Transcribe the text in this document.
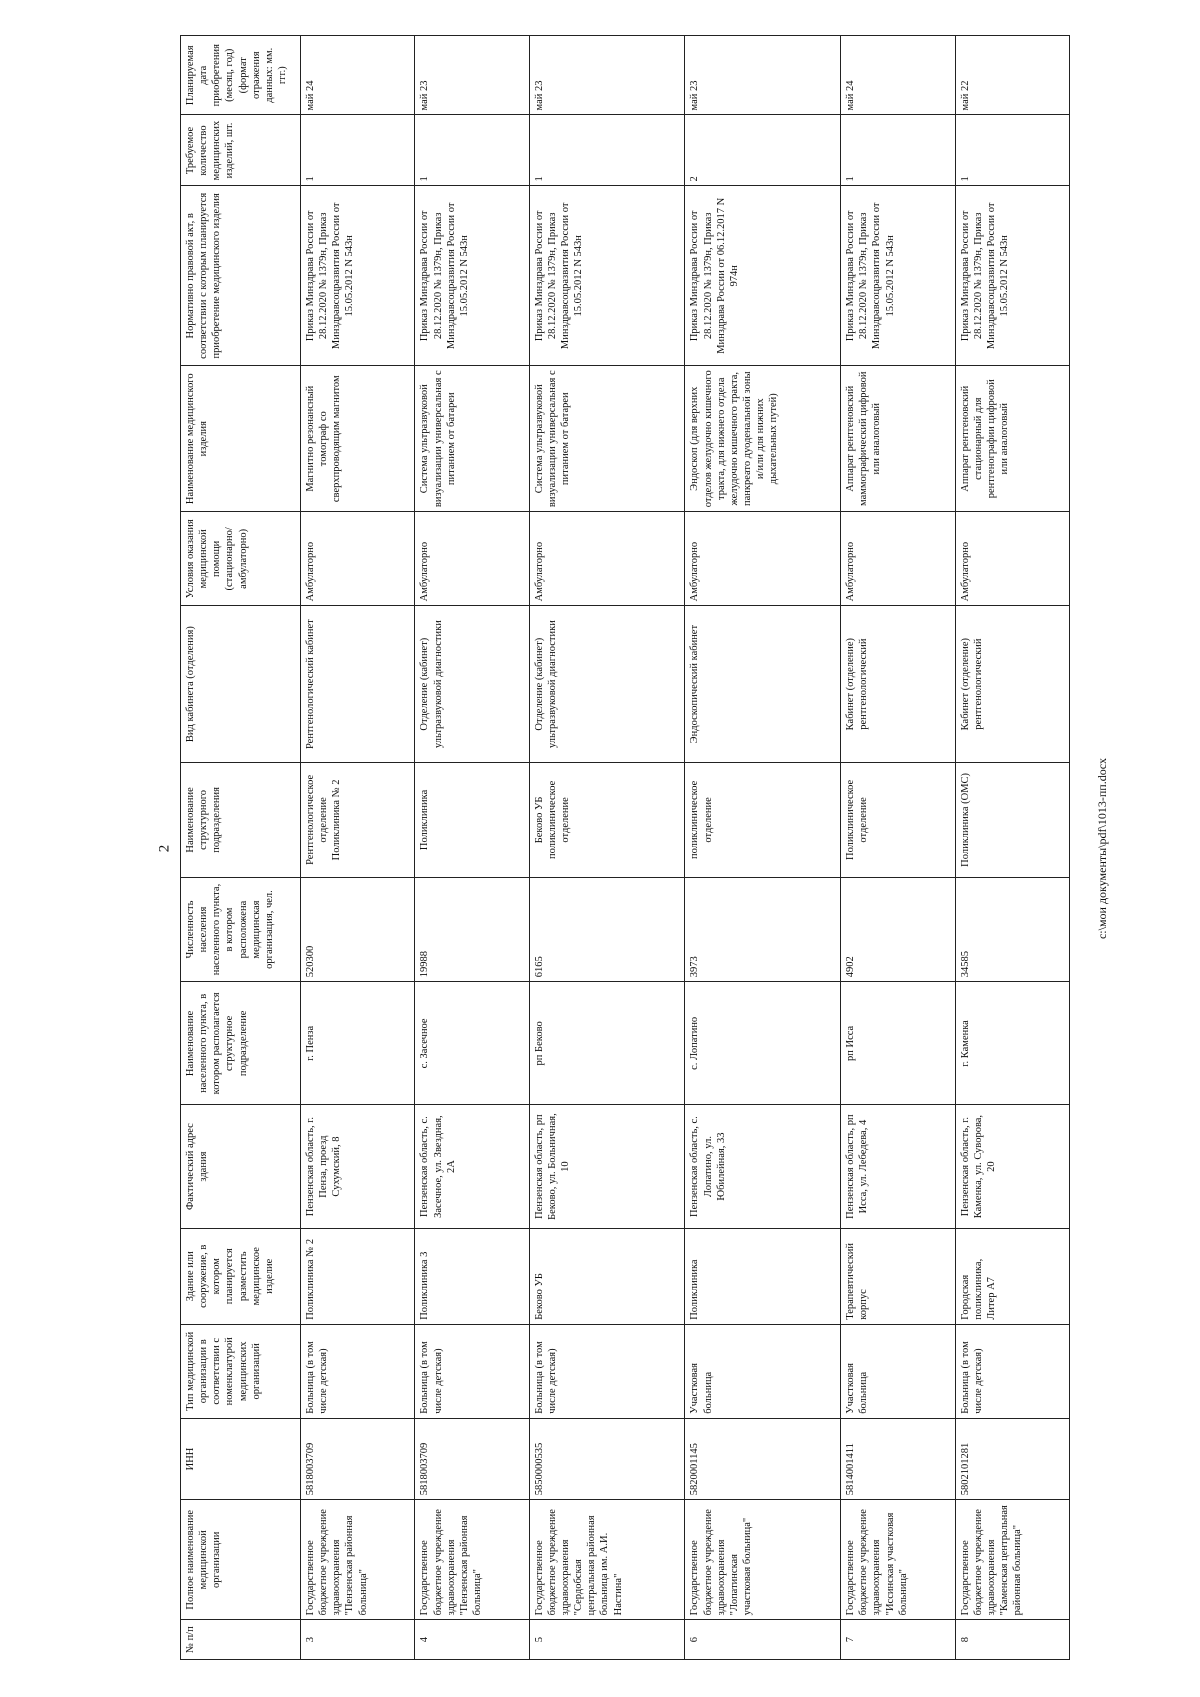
2	c:\мои документы\pdf\1013-пп.docx
№ п/п	Полное наименование медицинской организации	ИНН	Тип медицинской организации в соответствии с номенклатурой медицинских организаций	Здание или сооружение, в котором планируется разместить медицинское изделие	Фактический адрес здания	Наименование населенного пункта, в котором располагается структурное подразделение	Численность населения населенного пункта, в котором расположена медицинская организация, чел.	Наименование структурного подразделения	Вид кабинета (отделения)	Условия оказания медицинской помощи (стационарно/ амбулаторно)	Наименование медицинского изделия	Нормативно правовой акт, в соответствии с которым планируется приобретение медицинского изделия	Требуемое количество медицинских изделий, шт.	Планируемая дата приобретения (месяц, год) (формат отражения данных: мм. ггг.)
3	Государственное бюджетное учреждение здравоохранения "Пензенская районная больница"	5818003709	Больница (в том числе детская)	Поликлиника № 2	Пензенская область, г. Пенза, проезд Сухумский, 8	г. Пенза	520300	Рентгенологическое отделение Поликлиника № 2	Рентгенологический кабинет	Амбулаторно	Магнитно резонансный томограф со сверхпроводящим магнитом	Приказ Минздрава России от 28.12.2020 № 1379н, Приказ Минздравсоцразвития России от 15.05.2012 N 543н	1	май 24
4	Государственное бюджетное учреждение здравоохранения "Пензенская районная больница"	5818003709	Больница (в том числе детская)	Поликлиника 3	Пензенская область, с. Засечное, ул. Звездная, 2А	с. Засечное	19988	Поликлиника	Отделение (кабинет) ультразвуковой диагностики	Амбулаторно	Система ультразвуковой визуализации универсальная с питанием от батареи	Приказ Минздрава России от 28.12.2020 № 1379н, Приказ Минздравсоцразвития России от 15.05.2012 N 543н	1	май 23
5	Государственное бюджетное учреждение здравоохранения "Сердобская центральная районная больница им. А.И. Настина"	5850000535	Больница (в том числе детская)	Беково УБ	Пензенская область, рп Беково, ул. Больничная, 10	рп Беково	6165	Беково УБ поликлиническое отделение	Отделение (кабинет) ультразвуковой диагностики	Амбулаторно	Система ультразвуковой визуализации универсальная с питанием от батареи	Приказ Минздрава России от 28.12.2020 № 1379н, Приказ Минздравсоцразвития России от 15.05.2012 N 543н	1	май 23
6	Государственное бюджетное учреждение здравоохранения "Лопатинская участковая больница"	5820001145	Участковая больница	Поликлиника	Пензенская область, с. Лопатино, ул. Юбилейная, 33	с. Лопатино	3973	поликлиническое отделение	Эндоскопический кабинет	Амбулаторно	Эндоскоп (для верхних отделов желудочно кишечного тракта, для нижнего отдела желудочно кишечного тракта, панкреато дуоденальной зоны и/или для нижних дыхательных путей)	Приказ Минздрава России от 28.12.2020 № 1379н, Приказ Минздрава России от 06.12.2017 N 974н	2	май 23
7	Государственное бюджетное учреждение здравоохранения "Иссинская участковая больница"	5814001411	Участковая больница	Терапевтический корпус	Пензенская область, рп Исса, ул. Лебедева, 4	рп Исса	4902	Поликлиническое отделение	Кабинет (отделение) рентгенологический	Амбулаторно	Аппарат рентгеновский маммографический цифровой или аналоговый	Приказ Минздрава России от 28.12.2020 № 1379н, Приказ Минздравсоцразвития России от 15.05.2012 N 543н	1	май 24
8	Государственное бюджетное учреждение здравоохранения "Каменская центральная районная больница"	5802101281	Больница (в том числе детская)	Городская поликлиника, Литер А7	Пензенская область, г. Каменка, ул. Суворова, 20	г. Каменка	34585	Поликлиника (ОМС)	Кабинет (отделение) рентгенологический	Амбулаторно	Аппарат рентгеновский стационарный для рентгенографии цифровой или аналоговый	Приказ Минздрава России от 28.12.2020 № 1379н, Приказ Минздравсоцразвития России от 15.05.2012 N 543н	1	май 22
